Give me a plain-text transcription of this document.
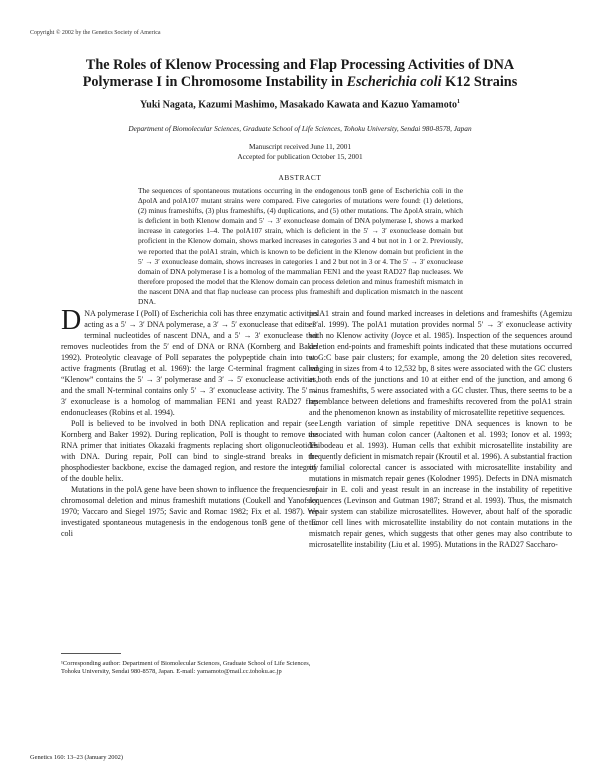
Copyright © 2002 by the Genetics Society of America
The Roles of Klenow Processing and Flap Processing Activities of DNA
Polymerase I in Chromosome Instability in Escherichia coli K12 Strains
Yuki Nagata, Kazumi Mashimo, Masakado Kawata and Kazuo Yamamoto$^1$
Department of Biomolecular Sciences, Graduate School of Life Sciences, Tohoku University, Sendai 980-8578, Japan
Manuscript received June 11, 2001
Accepted for publication October 15, 2001
ABSTRACT
The sequences of spontaneous mutations occurring in the endogenous tonB gene of Escherichia coli in the ΔpolA and polA107 mutant strains were compared. Five categories of mutations were found: (1) deletions, (2) minus frameshifts, (3) plus frameshifts, (4) duplications, and (5) other mutations. The ΔpolA strain, which is deficient in both Klenow domain and 5′ → 3′ exonuclease domain of DNA polymerase I, shows a marked increase in categories 1–4. The polA107 strain, which is deficient in the 5′ → 3′ exonuclease domain but proficient in the Klenow domain, shows marked increases in categories 3 and 4 but not in 1 or 2. Previously, we reported that the polA1 strain, which is known to be deficient in the Klenow domain but proficient in the 5′ → 3′ exonuclease domain, shows increases in categories 1 and 2 but not in 3 or 4. The 5′ → 3′ exonuclease domain of DNA polymerase I is a homolog of the mammalian FEN1 and the yeast RAD27 flap nucleases. We therefore proposed the model that the Klenow domain can process deletion and minus frameshift mismatch in the nascent DNA and that flap nuclease can process plus frameshift and duplication mismatch in the nascent DNA.

DNA polymerase I (PolI) of Escherichia coli has three enzymatic activities acting as a 5′ → 3′ DNA polymerase, a 3′ → 5′ exonuclease that edits 3′ terminal nucleotides of nascent DNA, and a 5′ → 3′ exonuclease that removes nucleotides from the 5′ end of DNA or RNA (Kornberg and Baker 1992). Proteolytic cleavage of PolI separates the polypeptide chain into two active fragments (Brutlag et al. 1969): the large C-terminal fragment called “Klenow” contains the 5′ → 3′ polymerase and 3′ → 5′ exonuclease activities, and the small N-terminal contains only 5′ → 3′ exonuclease activity. The 5′ → 3′ exonuclease is a homolog of mammalian FEN1 and yeast RAD27 flap endonucleases (Robins et al. 1994).

PolI is believed to be involved in both DNA replication and repair (see Kornberg and Baker 1992). During replication, PolI is thought to remove the RNA primer that initiates Okazaki fragments replacing short oligonucleotides with DNA. During repair, PolI can bind to single-strand breaks in the phosphodiester backbone, excise the damaged region, and restore the integrity of the double helix.

Mutations in the polA gene have been shown to influence the frequencies of chromosomal deletion and minus frameshift mutations (Coukell and Yanofsky 1970; Vaccaro and Siegel 1975; Savic and Romac 1982; Fix et al. 1987). We investigated spontaneous mutagenesis in the endogenous tonB gene of the E. coli

polA1 strain and found marked increases in deletions and frameshifts (Agemizu et al. 1999). The polA1 mutation provides normal 5′ → 3′ exonuclease activity with no Klenow activity (Joyce et al. 1985). Inspection of the sequences around deletion end-points and frameshift points indicated that these mutations occurred at G:C base pair clusters; for example, among the 20 deletion sites recovered, ranging in sizes from 4 to 12,532 bp, 8 sites were associated with the GC clusters at both ends of the junctions and 10 at either end of the junction, and among 6 minus frameshifts, 5 were associated with a GC cluster. Thus, there seems to be a resemblance between deletions and frameshifts recovered from the polA1 strain and the phenomenon known as instability of microsatellite repetitive sequences.

Length variation of simple repetitive DNA sequences is known to be associated with human colon cancer (Aaltonen et al. 1993; Ionov et al. 1993; Thibodeau et al. 1993). Human cells that exhibit microsatellite instability are frequently deficient in mismatch repair (Kroutil et al. 1996). A substantial fraction of familial colorectal cancer is associated with microsatellite instability and mutations in mismatch repair genes (Kolodner 1995). Defects in DNA mismatch repair in E. coli and yeast result in an increase in the instability of repetitive sequences (Levinson and Gutman 1987; Strand et al. 1993). Thus, the mismatch repair system can stabilize microsatellites. However, about half of the sporadic tumor cell lines with microsatellite instability do not contain mutations in the mismatch repair genes, which suggests that other genes may also contribute to microsatellite instability (Liu et al. 1995). Mutations in the RAD27 Saccharo-

¹Corresponding author: Department of Biomolecular Sciences, Graduate School of Life Sciences, Tohoku University, Sendai 980-8578, Japan. E-mail: yamamoto@mail.cc.tohoku.ac.jp
Genetics 160: 13–23 (January 2002)
